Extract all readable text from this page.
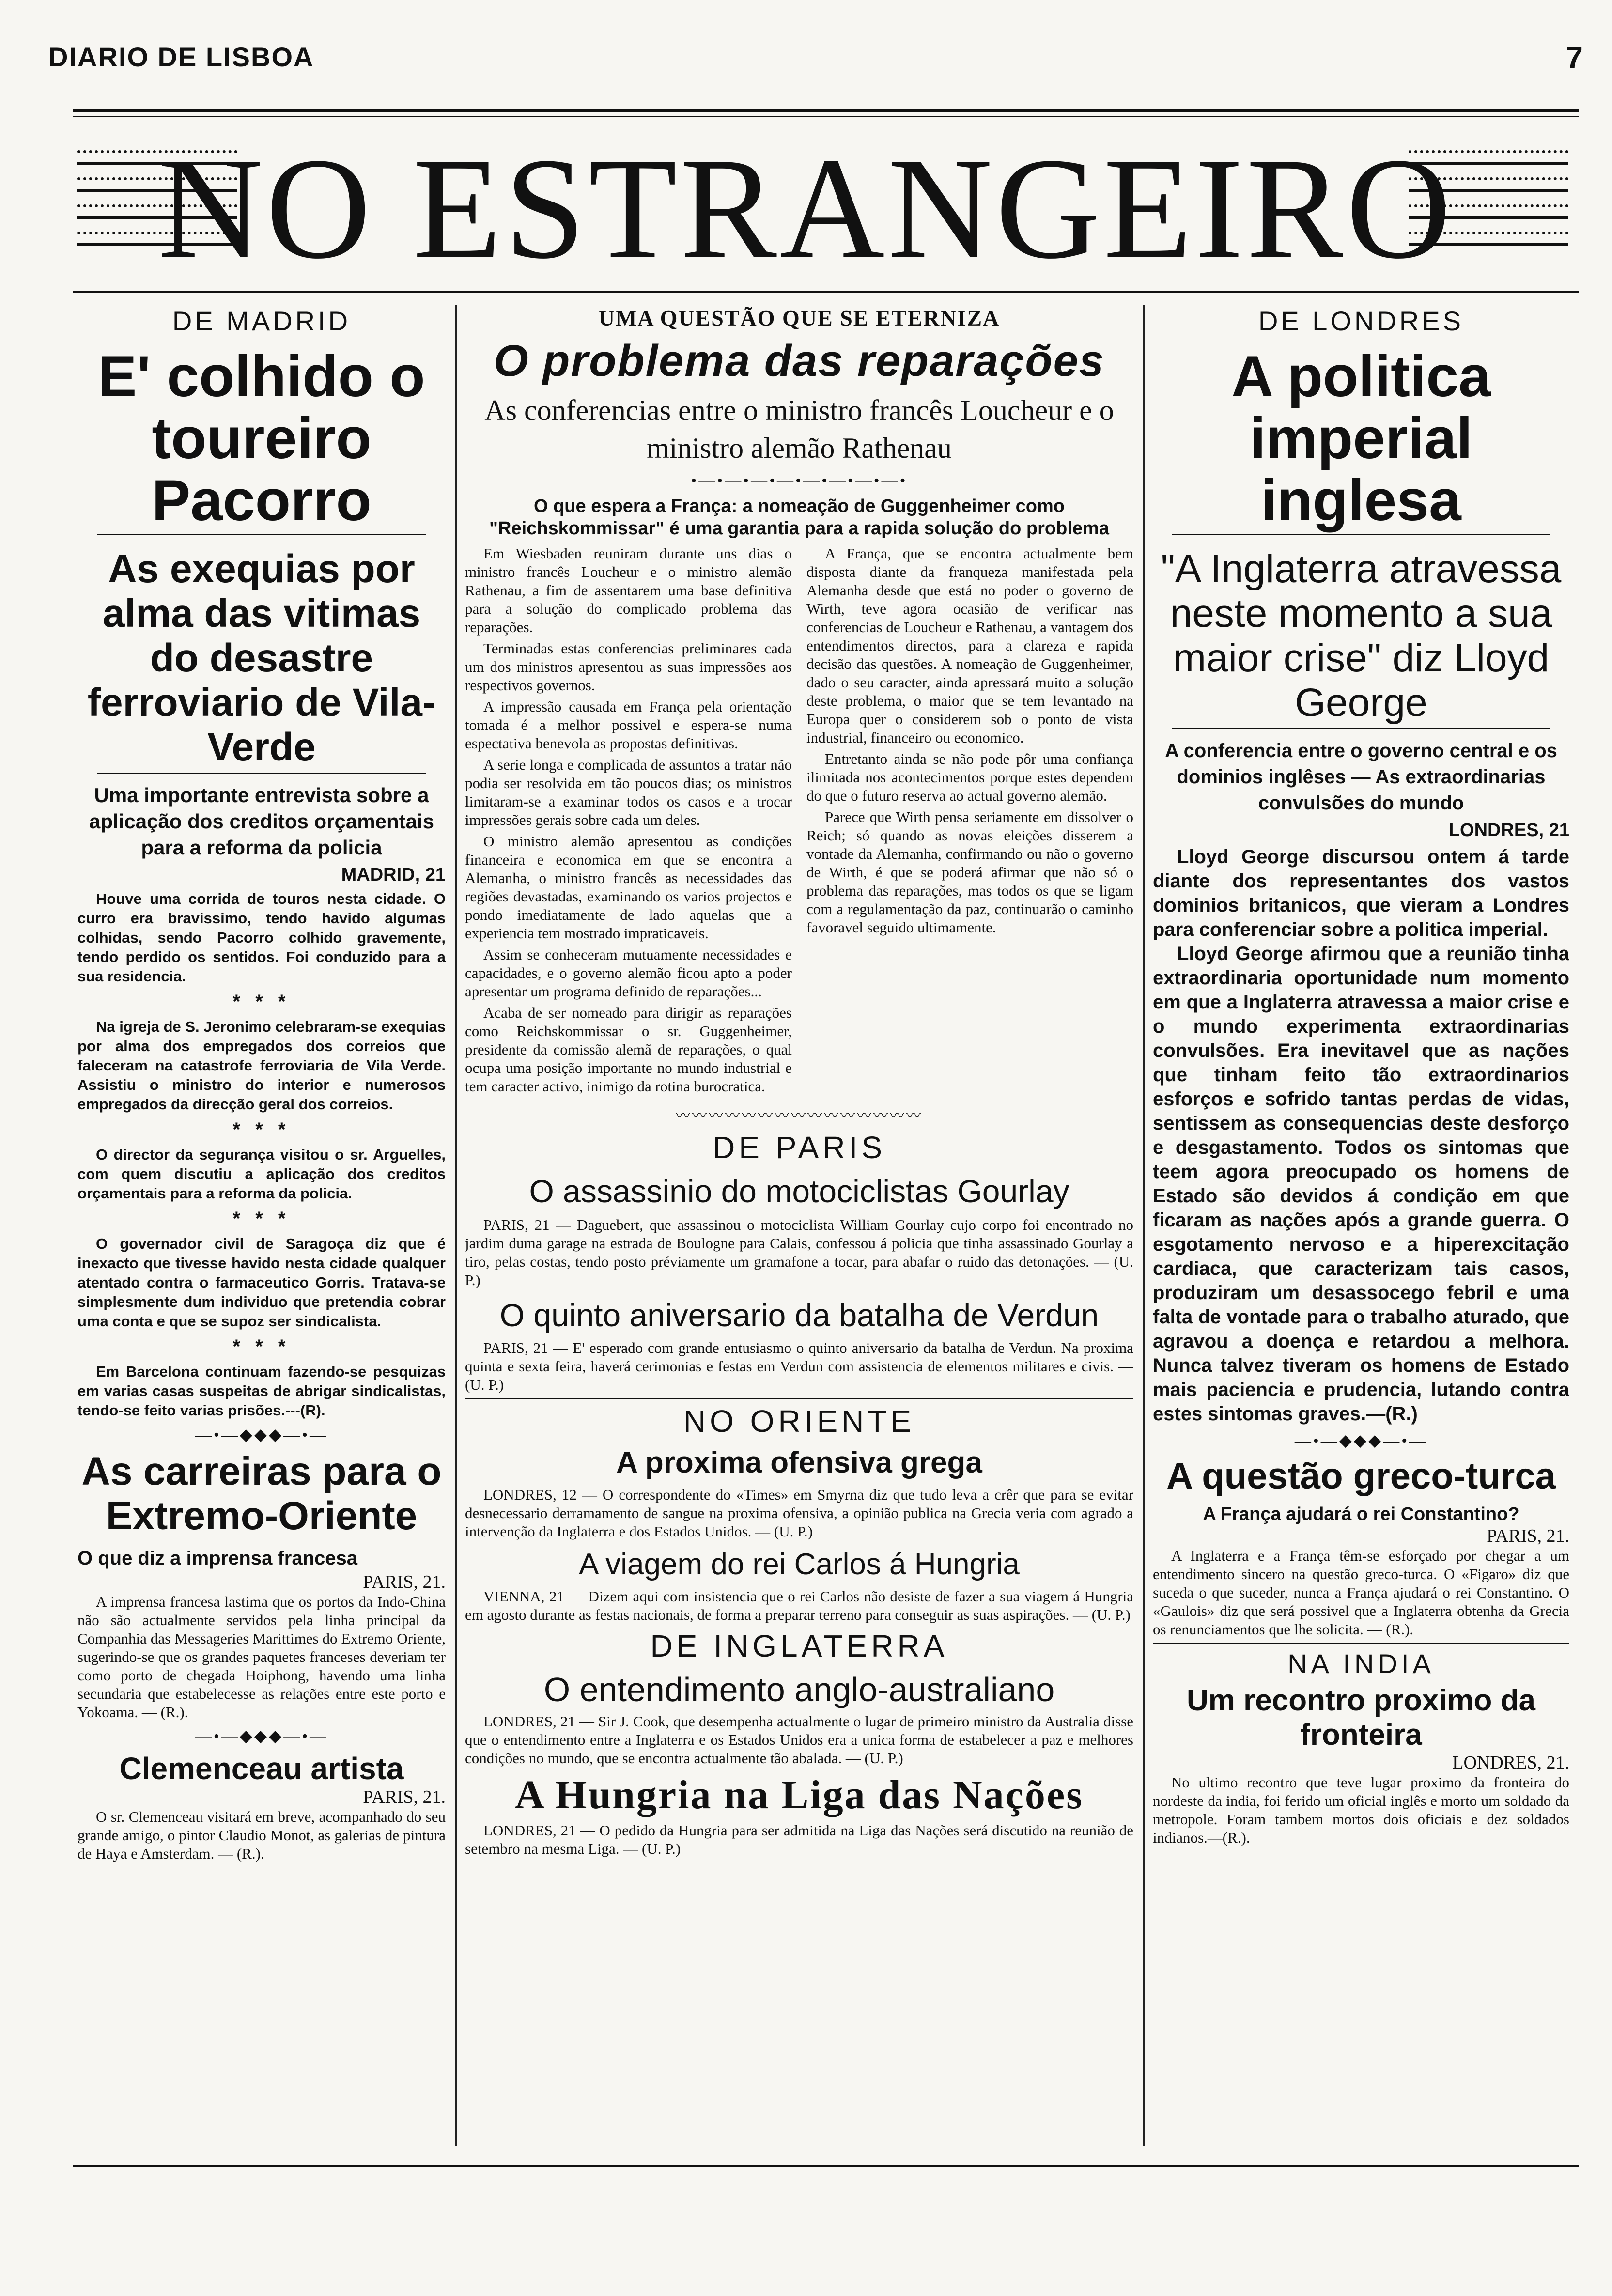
DIARIO DE LISBOA	7
NO ESTRANGEIRO
DE MADRID
E' colhido o toureiro Pacorro
As exequias por alma das vitimas do desastre ferroviario de Vila-Verde
Uma importante entrevista sobre a aplicação dos creditos orçamentais para a reforma da policia
MADRID, 21

Houve uma corrida de touros nesta cidade. O curro era bravissimo, tendo havido algumas colhidas, sendo Pacorro colhido gravemente, tendo perdido os sentidos. Foi conduzido para a sua residencia.

* * *

Na igreja de S. Jeronimo celebraram-se exequias por alma dos empregados dos correios que faleceram na catastrofe ferroviaria de Vila Verde. Assistiu o ministro do interior e numerosos empregados da direcção geral dos correios.

* * *

O director da segurança visitou o sr. Arguelles, com quem discutiu a aplicação dos creditos orçamentais para a reforma da policia.

* * *

O governador civil de Saragoça diz que é inexacto que tivesse havido nesta cidade qualquer atentado contra o farmaceutico Gorris. Tratava-se simplesmente dum individuo que pretendia cobrar uma conta e que se supoz ser sindicalista.

* * *

Em Barcelona continuam fazendo-se pesquizas em varias casas suspeitas de abrigar sindicalistas, tendo-se feito varias prisões.---(R).

—•—◆◆◆—•—
As carreiras para o Extremo-Oriente
O que diz a imprensa francesa
PARIS, 21.

A imprensa francesa lastima que os portos da Indo-China não são actualmente servidos pela linha principal da Companhia das Messageries Marittimes do Extremo Oriente, sugerindo-se que os grandes paquetes franceses deveriam ter como porto de chegada Hoiphong, havendo uma linha secundaria que estabelecesse as relações entre este porto e Yokoama. — (R.).

—•—◆◆◆—•—
Clemenceau artista
PARIS, 21.

O sr. Clemenceau visitará em breve, acompanhado do seu grande amigo, o pintor Claudio Monot, as galerias de pintura de Haya e Amsterdam. — (R.).

UMA QUESTÃO QUE SE ETERNIZA
O problema das reparações
As conferencias entre o ministro francês Loucheur e o ministro alemão Rathenau
•—•—•—•—•—•—•—•—•
O que espera a França: a nomeação de Guggenheimer como "Reichskommissar" é uma garantia para a rapida solução do problema

Em Wiesbaden reuniram durante uns dias o ministro francês Loucheur e o ministro alemão Rathenau, a fim de assentarem uma base definitiva para a solução do complicado problema das reparações.

Terminadas estas conferencias preliminares cada um dos ministros apresentou as suas impressões aos respectivos governos.

A impressão causada em França pela orientação tomada é a melhor possivel e espera-se numa espectativa benevola as propostas definitivas.

A serie longa e complicada de assuntos a tratar não podia ser resolvida em tão poucos dias; os ministros limitaram-se a examinar todos os casos e a trocar impressões gerais sobre cada um deles.

O ministro alemão apresentou as condições financeira e economica em que se encontra a Alemanha, o ministro francês as necessidades das regiões devastadas, examinando os varios projectos e pondo imediatamente de lado aquelas que a experiencia tem mostrado impraticaveis.

Assim se conheceram mutuamente necessidades e capacidades, e o governo alemão ficou apto a poder apresentar um programa definido de reparações...

Acaba de ser nomeado para dirigir as reparações como Reichskommissar o sr. Guggenheimer, presidente da comissão alemã de reparações, o qual ocupa uma posição importante no mundo industrial e tem caracter activo, inimigo da rotina burocratica.

A França, que se encontra actualmente bem disposta diante da franqueza manifestada pela Alemanha desde que está no poder o governo de Wirth, teve agora ocasião de verificar nas conferencias de Loucheur e Rathenau, a vantagem dos entendimentos directos, para a clareza e rapida decisão das questões. A nomeação de Guggenheimer, dado o seu caracter, ainda apressará muito a solução deste problema, o maior que se tem levantado na Europa quer o considerem sob o ponto de vista industrial, financeiro ou economico.

Entretanto ainda se não pode pôr uma confiança ilimitada nos acontecimentos porque estes dependem do que o futuro reserva ao actual governo alemão.

Parece que Wirth pensa seriamente em dissolver o Reich; só quando as novas eleições disserem a vontade da Alemanha, confirmando ou não o governo de Wirth, é que se poderá afirmar que não só o problema das reparações, mas todos os que se ligam com a regulamentação da paz, continuarão o caminho favoravel seguido ultimamente.

〰〰〰〰〰〰〰〰〰〰〰〰〰〰〰
DE PARIS
O assassinio do motociclistas Gourlay

PARIS, 21 — Daguebert, que assassinou o motociclista William Gourlay cujo corpo foi encontrado no jardim duma garage na estrada de Boulogne para Calais, confessou á policia que tinha assassinado Gourlay a tiro, pelas costas, tendo posto préviamente um gramafone a tocar, para abafar o ruido das detonações. — (U. P.)

O quinto aniversario da batalha de Verdun

PARIS, 21 — E' esperado com grande entusiasmo o quinto aniversario da batalha de Verdun. Na proxima quinta e sexta feira, haverá cerimonias e festas em Verdun com assistencia de elementos militares e civis. — (U. P.)

NO ORIENTE
A proxima ofensiva grega

LONDRES, 12 — O correspondente do «Times» em Smyrna diz que tudo leva a crêr que para se evitar desnecessario derramamento de sangue na proxima ofensiva, a opinião publica na Grecia veria com agrado a intervenção da Inglaterra e dos Estados Unidos. — (U. P.)

A viagem do rei Carlos á Hungria

VIENNA, 21 — Dizem aqui com insistencia que o rei Carlos não desiste de fazer a sua viagem á Hungria em agosto durante as festas nacionais, de forma a preparar terreno para conseguir as suas aspirações. — (U. P.)

DE INGLATERRA
O entendimento anglo-australiano

LONDRES, 21 — Sir J. Cook, que desempenha actualmente o lugar de primeiro ministro da Australia disse que o entendimento entre a Inglaterra e os Estados Unidos era a unica forma de estabelecer a paz e melhores condições no mundo, que se encontra actualmente tão abalada. — (U. P.)

A Hungria na Liga das Nações

LONDRES, 21 — O pedido da Hungria para ser admitida na Liga das Nações será discutido na reunião de setembro na mesma Liga. — (U. P.)

DE LONDRES
A politica imperial inglesa
"A Inglaterra atravessa neste momento a sua maior crise" diz Lloyd George
A conferencia entre o governo central e os dominios inglêses — As extraordinarias convulsões do mundo
LONDRES, 21

Lloyd George discursou ontem á tarde diante dos representantes dos vastos dominios britanicos, que vieram a Londres para conferenciar sobre a politica imperial.

Lloyd George afirmou que a reunião tinha extraordinaria oportunidade num momento em que a Inglaterra atravessa a maior crise e o mundo experimenta extraordinarias convulsões. Era inevitavel que as nações que tinham feito tão extraordinarios esforços e sofrido tantas perdas de vidas, sentissem as consequencias deste desforço e desgastamento. Todos os sintomas que teem agora preocupado os homens de Estado são devidos á condição em que ficaram as nações após a grande guerra. O esgotamento nervoso e a hiperexcitação cardiaca, que caracterizam tais casos, produziram um desassocego febril e uma falta de vontade para o trabalho aturado, que agravou a doença e retardou a melhora. Nunca talvez tiveram os homens de Estado mais paciencia e prudencia, lutando contra estes sintomas graves.—(R.)

—•—◆◆◆—•—
A questão greco-turca
A França ajudará o rei Constantino?
PARIS, 21.

A Inglaterra e a França têm-se esforçado por chegar a um entendimento sincero na questão greco-turca. O «Figaro» diz que suceda o que suceder, nunca a França ajudará o rei Constantino. O «Gaulois» diz que será possivel que a Inglaterra obtenha da Grecia os renunciamentos que lhe solicita. — (R.).

NA INDIA
Um recontro proximo da fronteira
LONDRES, 21.

No ultimo recontro que teve lugar proximo da fronteira do nordeste da india, foi ferido um oficial inglês e morto um soldado da metropole. Foram tambem mortos dois oficiais e dez soldados indianos.—(R.).
